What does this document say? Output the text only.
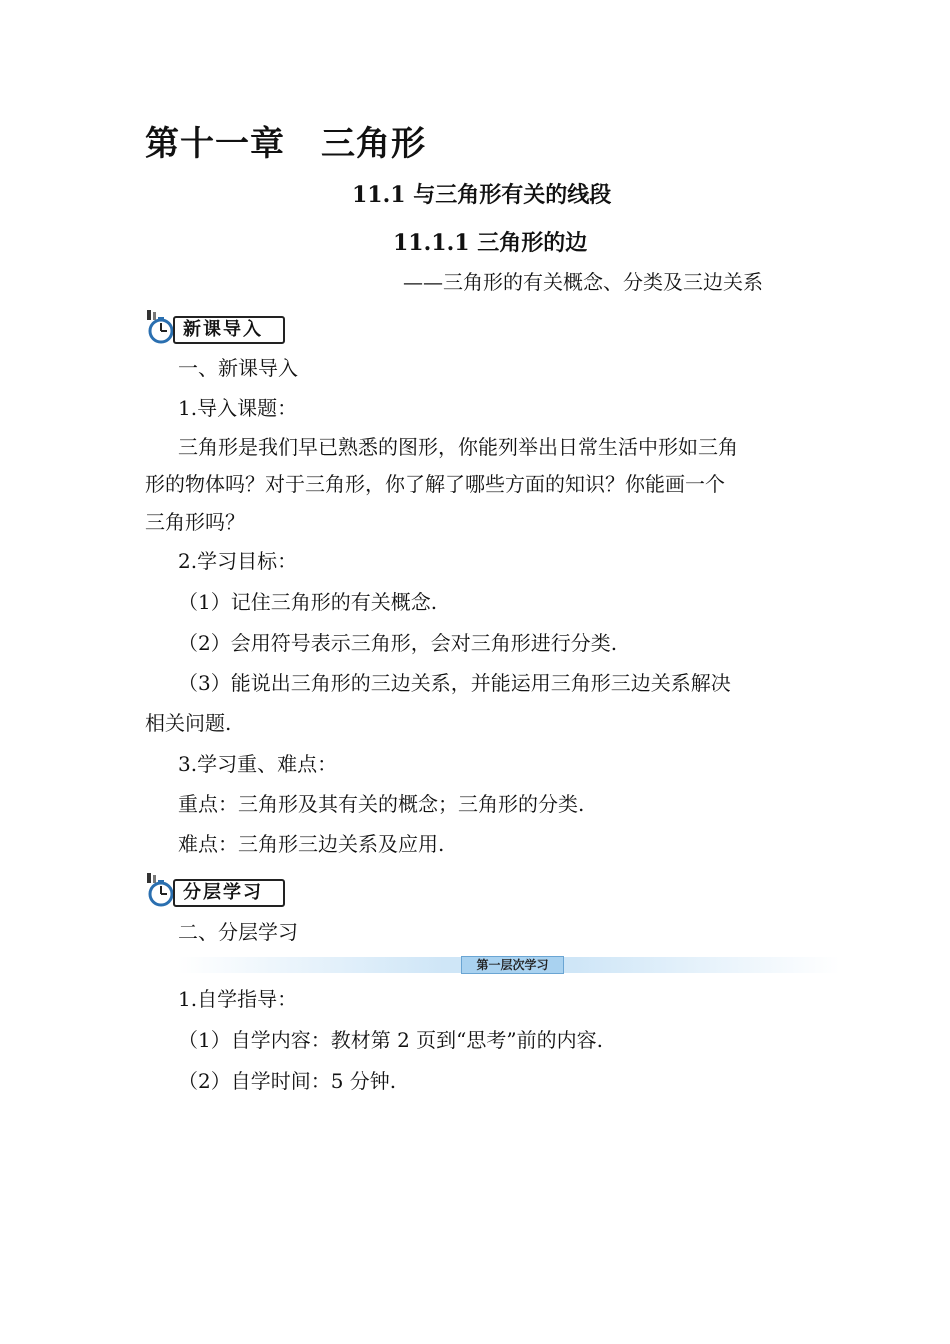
第十一章 三角形
11.1 与三角形有关的线段
11.1.1 三角形的边
——三角形的有关概念、分类及三边关系
新课导入
一、新课导入
1.导入课题：
三角形是我们早已熟悉的图形，你能列举出日常生活中形如三角
形的物体吗？对于三角形，你了解了哪些方面的知识？你能画一个
三角形吗？
2.学习目标：
（1）记住三角形的有关概念.
（2）会用符号表示三角形，会对三角形进行分类.
（3）能说出三角形的三边关系，并能运用三角形三边关系解决
相关问题.
3.学习重、难点：
重点：三角形及其有关的概念；三角形的分类.
难点：三角形三边关系及应用.
分层学习
二、分层学习
第一层次学习
1.自学指导：
（1）自学内容：教材第 2 页到“思考”前的内容.
（2）自学时间：5 分钟.
